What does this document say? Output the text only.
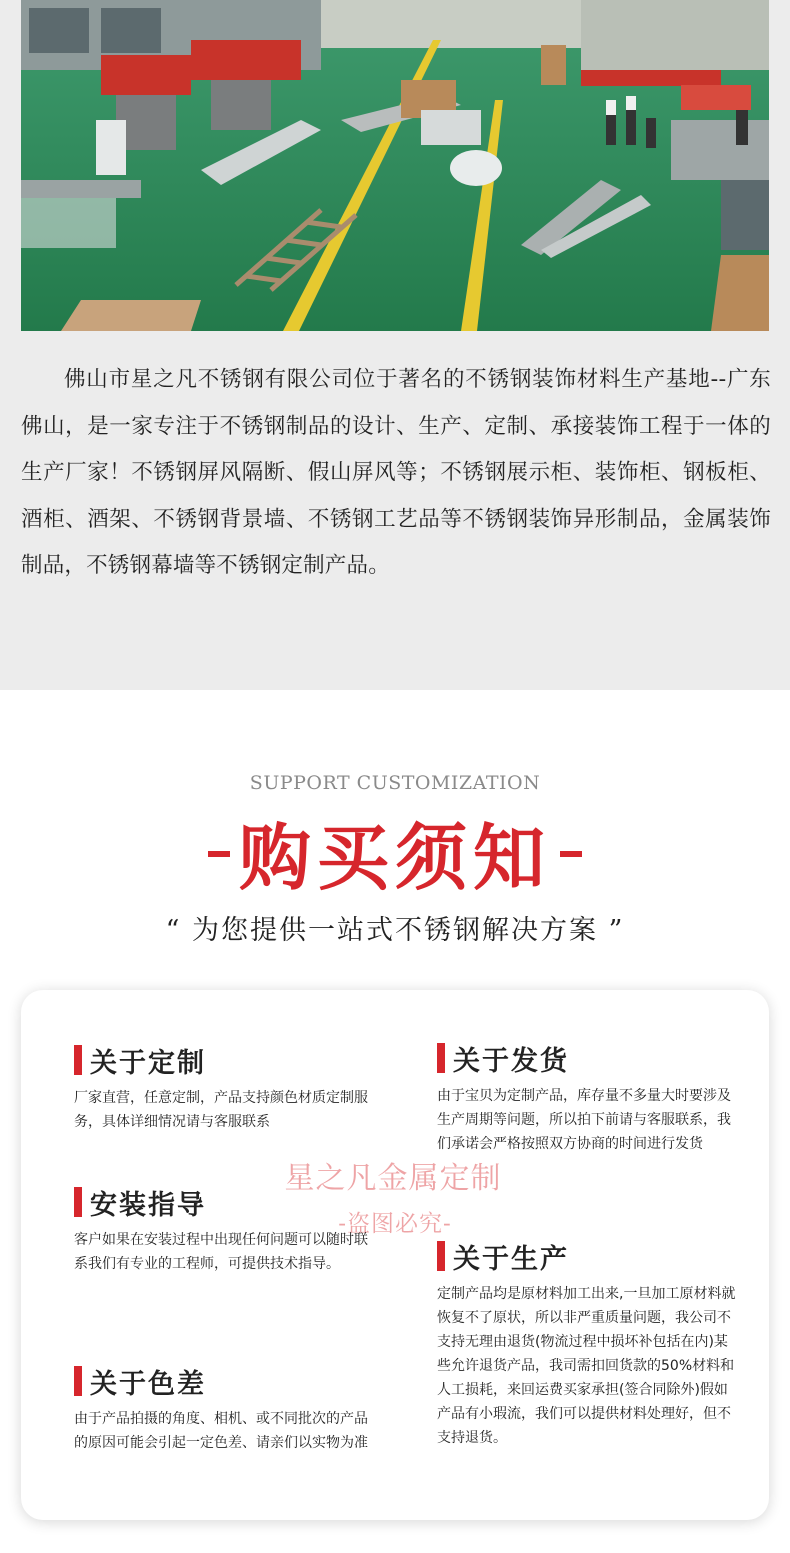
佛山市星之凡不锈钢有限公司位于著名的不锈钢装饰材料生产基地--广东佛山，是一家专注于不锈钢制品的设计、生产、定制、承接装饰工程于一体的生产厂家！不锈钢屏风隔断、假山屏风等；不锈钢展示柜、装饰柜、钢板柜、酒柜、酒架、不锈钢背景墙、不锈钢工艺品等不锈钢装饰异形制品，金属装饰制品，不锈钢幕墙等不锈钢定制产品。
SUPPORT CUSTOMIZATION
购买须知
“ 为您提供一站式不锈钢解决方案 ”
关于定制
厂家直营，任意定制，产品支持颜色材质定制服务，具体详细情况请与客服联系
安装指导
客户如果在安装过程中出现任何问题可以随时联系我们有专业的工程师，可提供技术指导。
关于色差
由于产品拍摄的角度、相机、或不同批次的产品的原因可能会引起一定色差、请亲们以实物为准
关于发货
由于宝贝为定制产品，库存量不多量大时要涉及生产周期等问题，所以拍下前请与客服联系，我们承诺会严格按照双方协商的时间进行发货
关于生产
定制产品均是原材料加工出来,一旦加工原材料就恢复不了原状，所以非严重质量问题，我公司不支持无理由退货(物流过程中损坏补包括在内)某些允许退货产品，我司需扣回货款的50%材料和人工损耗，来回运费买家承担(签合同除外)假如产品有小瑕流，我们可以提供材料处理好，但不支持退货。
星之凡金属定制
-盗图必究-
